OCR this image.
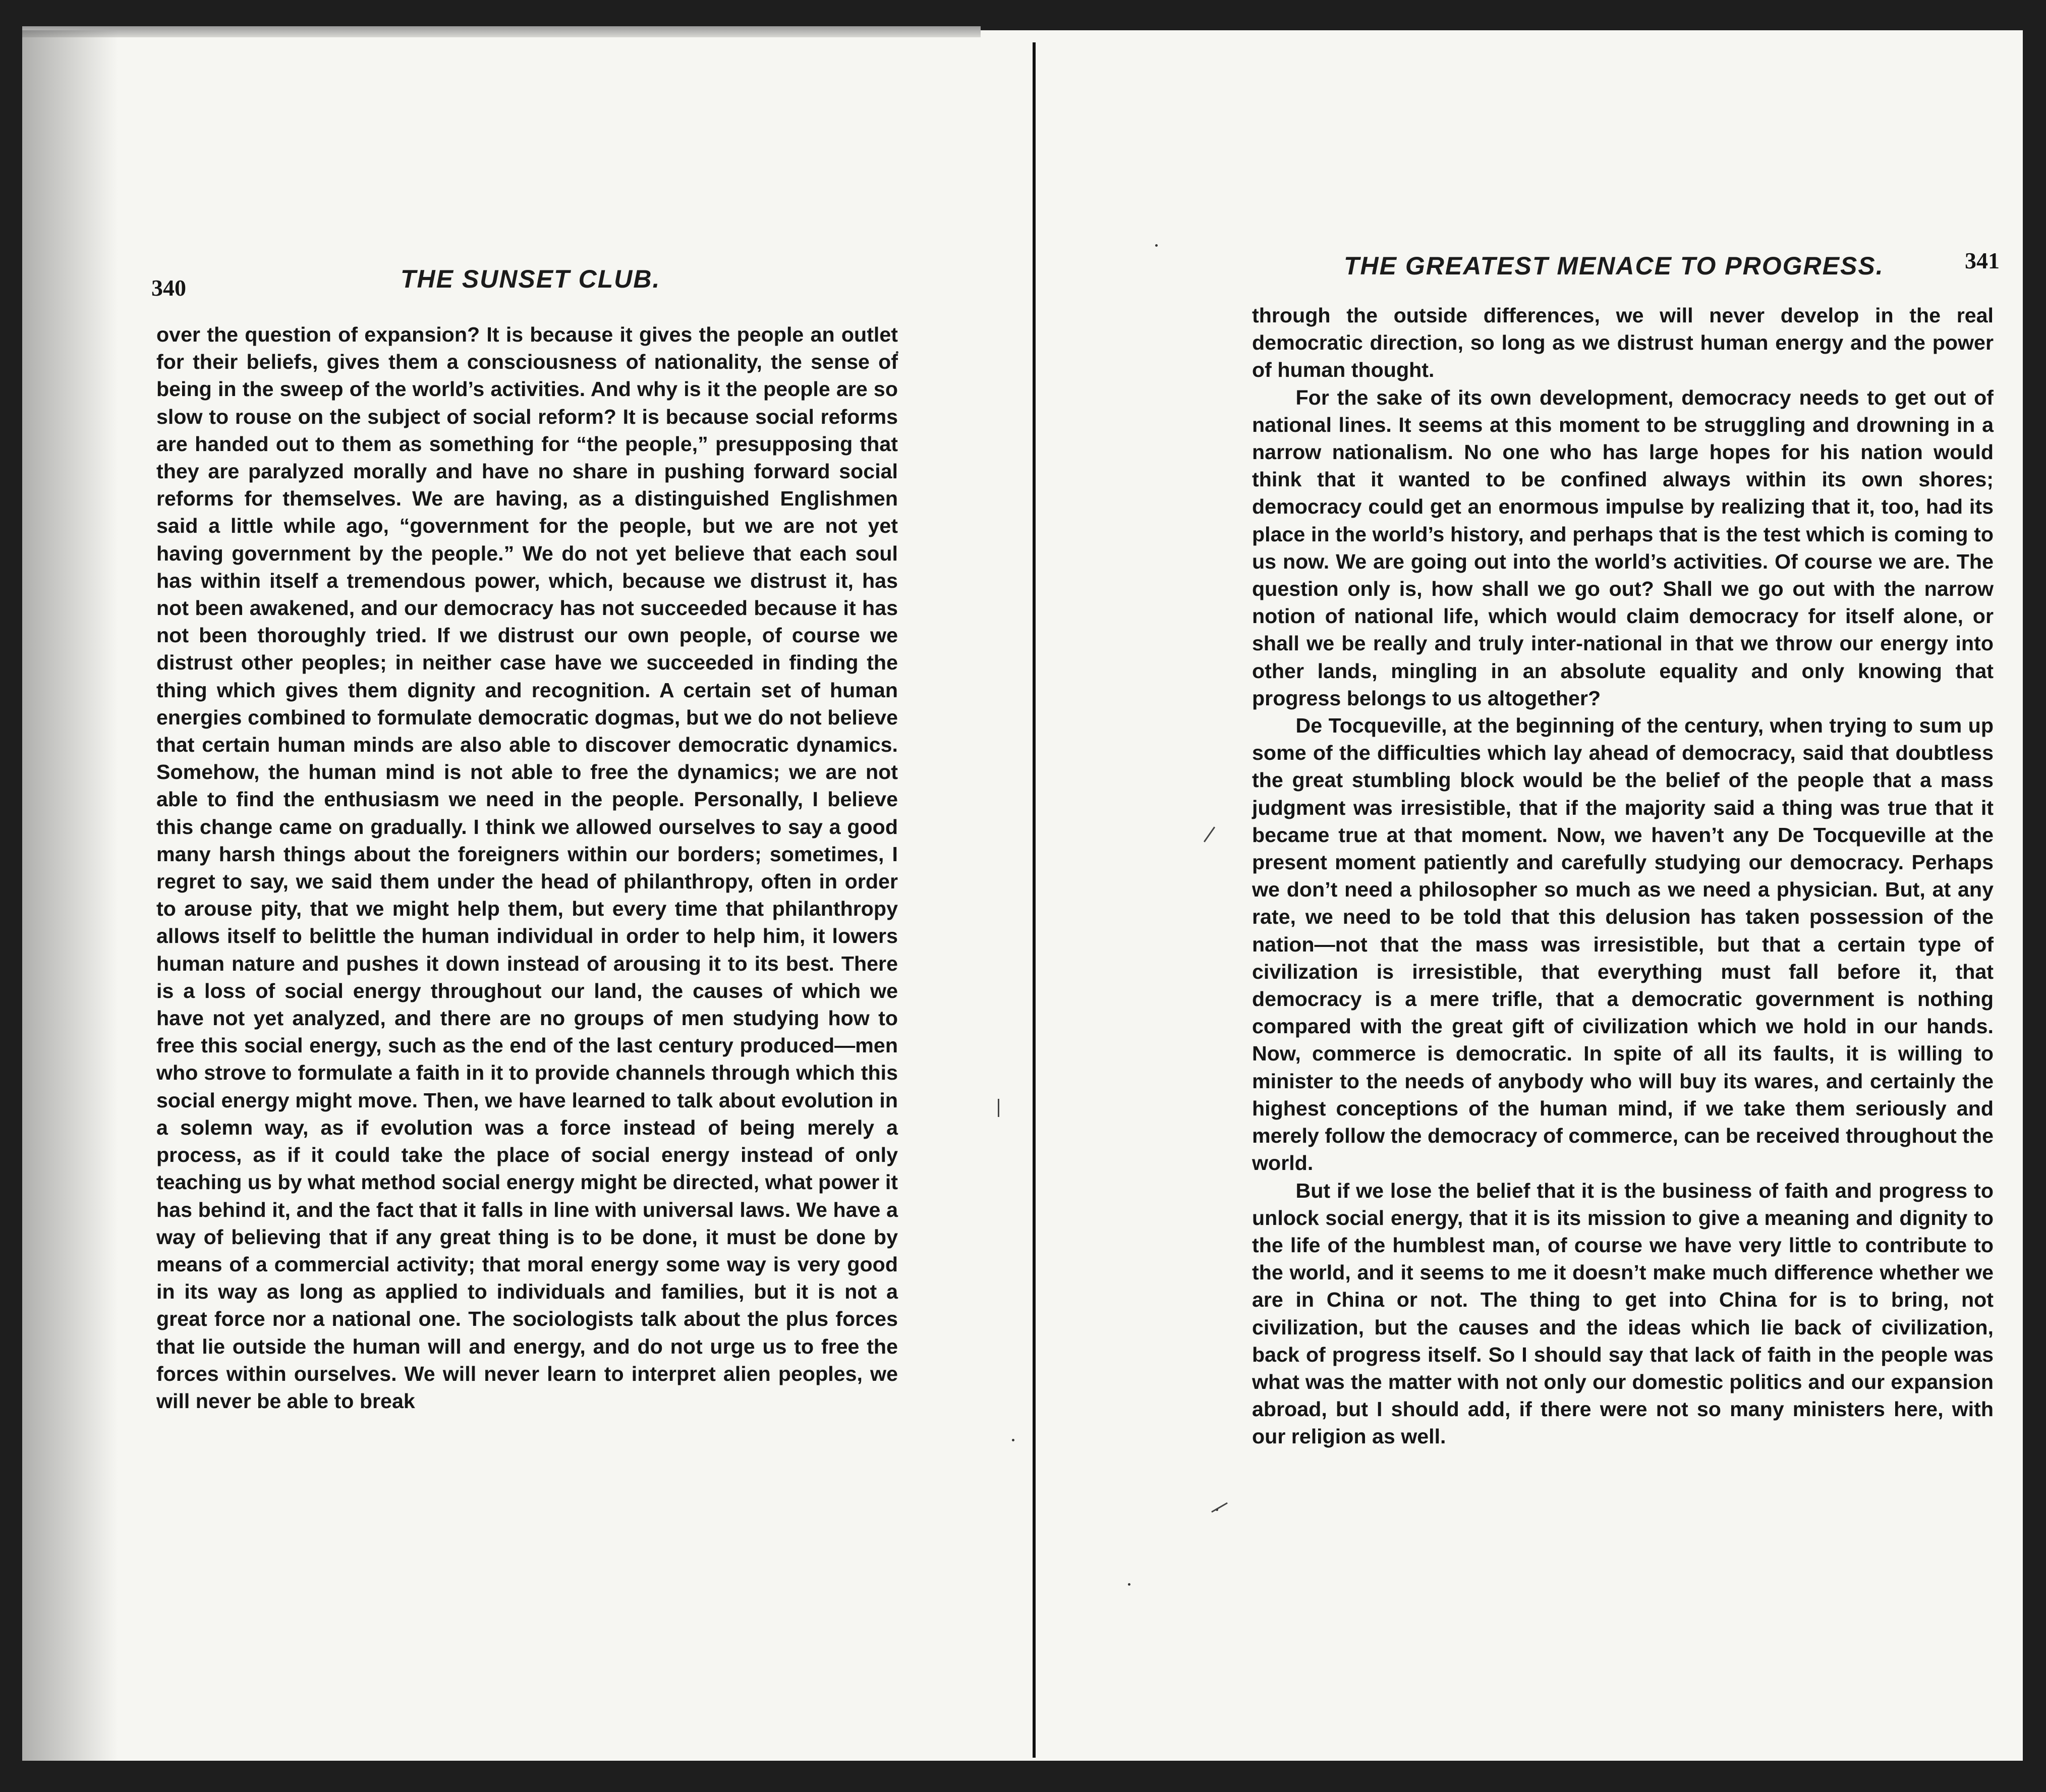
340	THE SUNSET CLUB.

over the question of expansion? It is because it gives the people an outlet for their beliefs, gives them a consciousness of nationality, the sense of being in the sweep of the world’s activities. And why is it the people are so slow to rouse on the subject of social reform? It is because social reforms are handed out to them as something for “the people,” presupposing that they are paralyzed morally and have no share in pushing forward social reforms for themselves. We are having, as a distinguished Englishmen said a little while ago, “government for the people, but we are not yet having government by the people.” We do not yet believe that each soul has within itself a tremendous power, which, because we distrust it, has not been awakened, and our democracy has not succeeded because it has not been thoroughly tried. If we distrust our own people, of course we distrust other peoples; in neither case have we succeeded in finding the thing which gives them dignity and recognition. A certain set of human energies combined to formulate democratic dogmas, but we do not believe that certain human minds are also able to discover democratic dynamics. Somehow, the human mind is not able to free the dynamics; we are not able to find the enthusiasm we need in the people. Personally, I believe this change came on gradually. I think we allowed ourselves to say a good many harsh things about the foreigners within our borders; sometimes, I regret to say, we said them under the head of philanthropy, often in order to arouse pity, that we might help them, but every time that philanthropy allows itself to belittle the human individual in order to help him, it lowers human nature and pushes it down instead of arousing it to its best. There is a loss of social energy throughout our land, the causes of which we have not yet analyzed, and there are no groups of men studying how to free this social energy, such as the end of the last century produced—men who strove to formulate a faith in it to provide channels through which this social energy might move. Then, we have learned to talk about evolution in a solemn way, as if evolution was a force instead of being merely a process, as if it could take the place of social energy instead of only teaching us by what method social energy might be directed, what power it has behind it, and the fact that it falls in line with universal laws. We have a way of believing that if any great thing is to be done, it must be done by means of a commercial activity; that moral energy some way is very good in its way as long as applied to individuals and families, but it is not a great force nor a national one. The sociologists talk about the plus forces that lie outside the human will and energy, and do not urge us to free the forces within ourselves. We will never learn to interpret alien peoples, we will never be able to break

THE GREATEST MENACE TO PROGRESS.	341

through the outside differences, we will never develop in the real democratic direction, so long as we distrust human energy and the power of human thought.

For the sake of its own development, democracy needs to get out of national lines. It seems at this moment to be struggling and drowning in a narrow nationalism. No one who has large hopes for his nation would think that it wanted to be confined always within its own shores; democracy could get an enormous impulse by realizing that it, too, had its place in the world’s history, and perhaps that is the test which is coming to us now. We are going out into the world’s activities. Of course we are. The question only is, how shall we go out? Shall we go out with the narrow notion of national life, which would claim democracy for itself alone, or shall we be really and truly inter-national in that we throw our energy into other lands, mingling in an absolute equality and only knowing that progress belongs to us altogether?

De Tocqueville, at the beginning of the century, when trying to sum up some of the difficulties which lay ahead of democracy, said that doubtless the great stumbling block would be the belief of the people that a mass judgment was irresistible, that if the majority said a thing was true that it became true at that moment. Now, we haven’t any De Tocqueville at the present moment patiently and carefully studying our democracy. Perhaps we don’t need a philosopher so much as we need a physician. But, at any rate, we need to be told that this delusion has taken possession of the nation—not that the mass was irresistible, but that a certain type of civilization is irresistible, that everything must fall before it, that democracy is a mere trifle, that a democratic government is nothing compared with the great gift of civilization which we hold in our hands. Now, commerce is democratic. In spite of all its faults, it is willing to minister to the needs of anybody who will buy its wares, and certainly the highest conceptions of the human mind, if we take them seriously and merely follow the democracy of commerce, can be received throughout the world.

But if we lose the belief that it is the business of faith and progress to unlock social energy, that it is its mission to give a meaning and dignity to the life of the humblest man, of course we have very little to contribute to the world, and it seems to me it doesn’t make much difference whether we are in China or not. The thing to get into China for is to bring, not civilization, but the causes and the ideas which lie back of civilization, back of progress itself. So I should say that lack of faith in the people was what was the matter with not only our domestic politics and our expansion abroad, but I should add, if there were not so many ministers here, with our religion as well.
